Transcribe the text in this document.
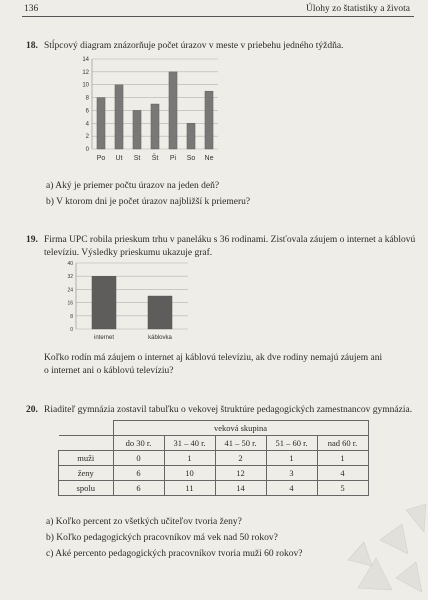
136	Úlohy zo štatistiky a života
18. Stĺpcový diagram znázorňuje počet úrazov v meste v priebehu jedného týždňa.
0
2
4
6
8
10
12
14
Po Ut St Št Pi So Ne
a) Aký je priemer počtu úrazov na jeden deň?
b) V ktorom dni je počet úrazov najbližší k priemeru?
19. Firma UPC robila prieskum trhu v paneláku s 36 rodinami. Zisťovala záujem o internet a káblovú
televíziu. Výsledky prieskumu ukazuje graf.
0
8
16
24
32
40
internet	káblovka
Koľko rodín má záujem o internet aj káblovú televíziu, ak dve rodiny nemajú záujem ani
o internet ani o káblovú televíziu?
20. Riaditeľ gymnázia zostavil tabuľku o vekovej štruktúre pedagogických zamestnancov gymnázia.
	veková skupina				
	do 30 r.	31 – 40 r.	41 – 50 r.	51 – 60 r.	nad 60 r.
muži	0	1	2	1	1
ženy	6	10	12	3	4
spolu	6	11	14	4	5
a) Koľko percent zo všetkých učiteľov tvoria ženy?
b) Koľko pedagogických pracovníkov má vek nad 50 rokov?
c) Aké percento pedagogických pracovníkov tvoria muži 60 rokov?
